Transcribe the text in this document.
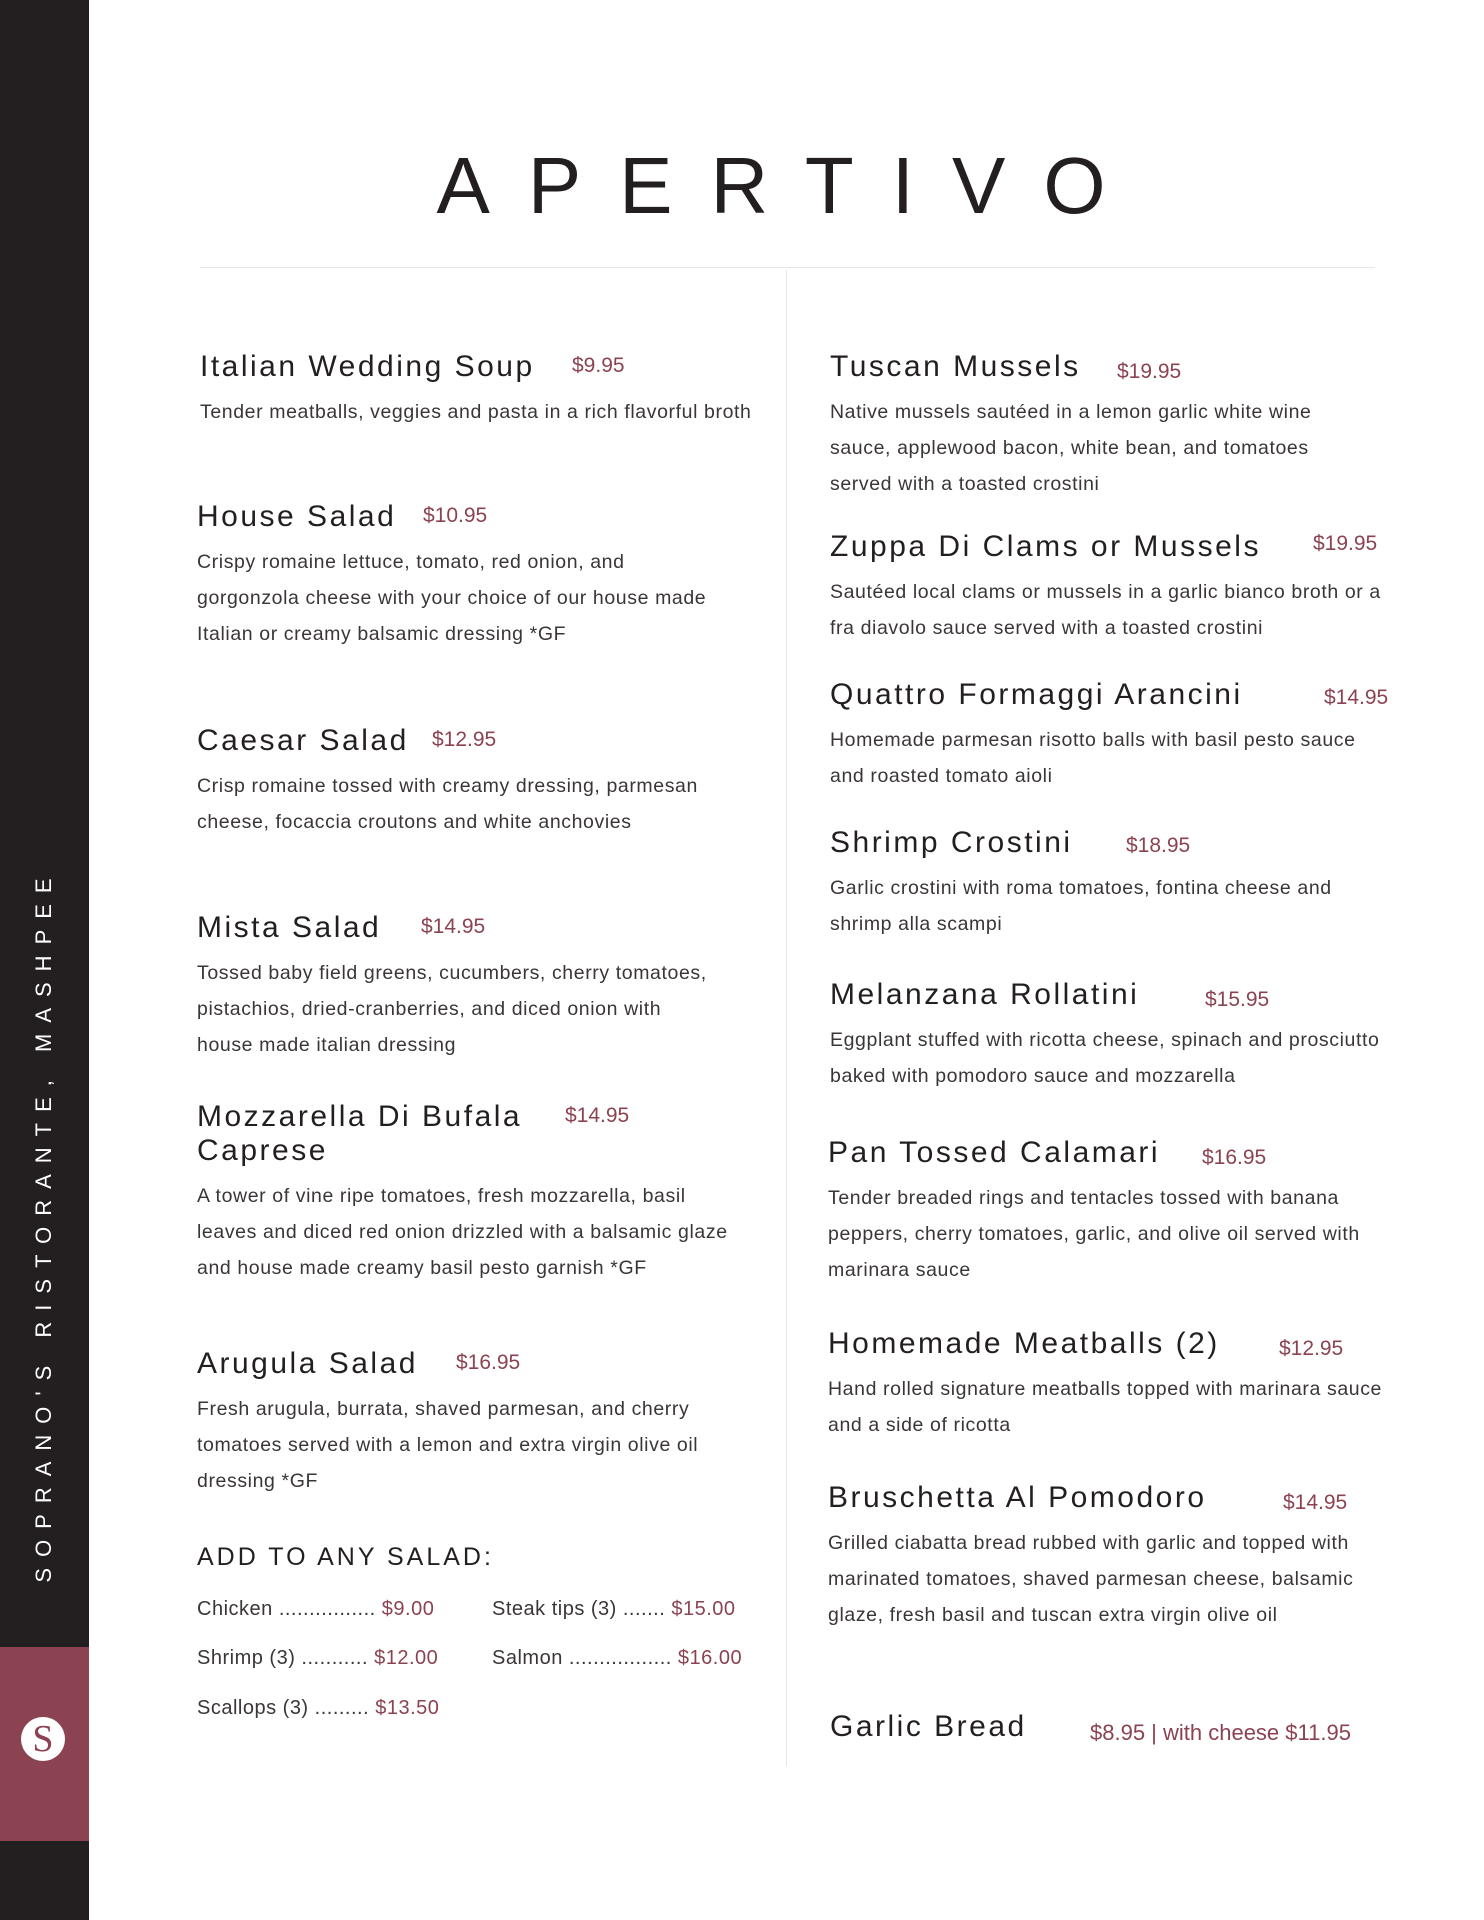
SOPRANO'S RISTORANTE, MASHPEE
S
APERTIVO
Italian Wedding Soup $9.95
Tender meatballs, veggies and pasta in a rich flavorful broth
House Salad $10.95
Crispy romaine lettuce, tomato, red onion, and gorgonzola cheese with your choice of our house made Italian or creamy balsamic dressing *GF
Caesar Salad $12.95
Crisp romaine tossed with creamy dressing, parmesan cheese, focaccia croutons and white anchovies
Mista Salad $14.95
Tossed baby field greens, cucumbers, cherry tomatoes, pistachios, dried-cranberries, and diced onion with house made italian dressing
Mozzarella Di Bufala Caprese
$14.95
A tower of vine ripe tomatoes, fresh mozzarella, basil leaves and diced red onion drizzled with a balsamic glaze and house made creamy basil pesto garnish *GF
Arugula Salad $16.95
Fresh arugula, burrata, shaved parmesan, and cherry tomatoes served with a lemon and extra virgin olive oil dressing *GF
ADD TO ANY SALAD:
Chicken ................ $9.00	Steak tips (3) ....... $15.00
Shrimp (3) ........... $12.00	Salmon ................. $16.00
Scallops (3) ......... $13.50
Tuscan Mussels $19.95
Native mussels sautéed in a lemon garlic white wine sauce, applewood bacon, white bean, and tomatoes served with a toasted crostini
Zuppa Di Clams or Mussels $19.95
Sautéed local clams or mussels in a garlic bianco broth or a fra diavolo sauce served with a toasted crostini
Quattro Formaggi Arancini	$14.95
Homemade parmesan risotto balls with basil pesto sauce and roasted tomato aioli
Shrimp Crostini	$18.95
Garlic crostini with roma tomatoes, fontina cheese and shrimp alla scampi
Melanzana Rollatini	$15.95
Eggplant stuffed with ricotta cheese, spinach and prosciutto baked with pomodoro sauce and mozzarella
Pan Tossed Calamari $16.95
Tender breaded rings and tentacles tossed with banana peppers, cherry tomatoes, garlic, and olive oil served with marinara sauce
Homemade Meatballs (2)	$12.95
Hand rolled signature meatballs topped with marinara sauce and a side of ricotta
Bruschetta Al Pomodoro	$14.95
Grilled ciabatta bread rubbed with garlic and topped with marinated tomatoes, shaved parmesan cheese, balsamic glaze, fresh basil and tuscan extra virgin olive oil
Garlic Bread	$8.95 | with cheese $11.95
